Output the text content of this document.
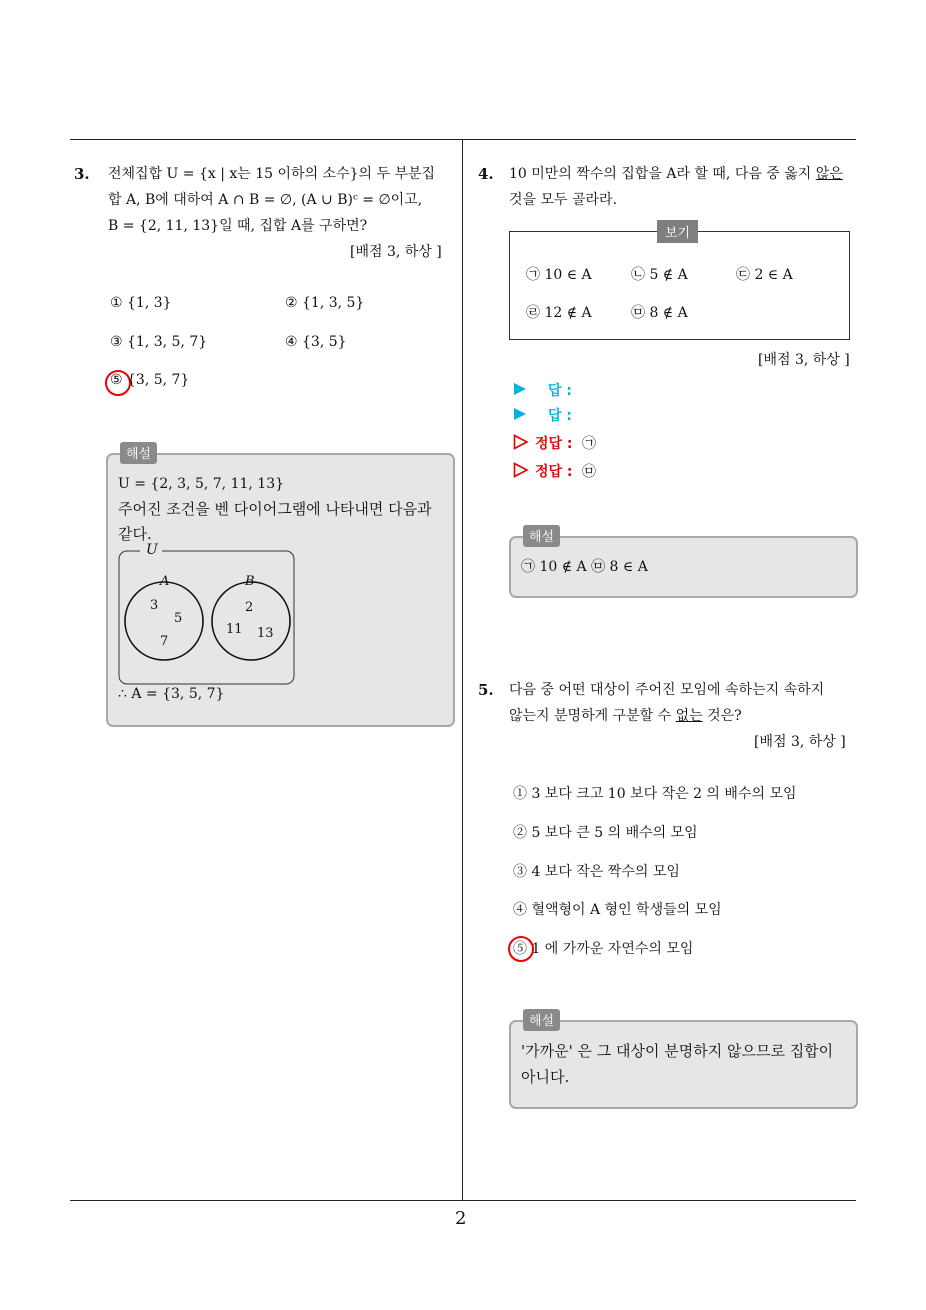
2
3. 전체집합 U = {x | x는 15 이하의 소수}의 두 부분집
합 A, B에 대하여 A ∩ B = ∅, (A ∪ B)ᶜ = ∅이고,
B = {2, 11, 13}일 때, 집합 A를 구하면?
[배점 3, 하상 ]
① {1, 3}	② {1, 3, 5}
③ {1, 3, 5, 7}	④ {3, 5}
⑤ {3, 5, 7}
해설
U = {2, 3, 5, 7, 11, 13}
주어진 조건을 벤 다이어그램에 나타내면 다음과
같다.
U
A	B
3
5
7
2
11 13
∴ A = {3, 5, 7}
4. 10 미만의 짝수의 집합을 A라 할 때, 다음 중 옳지 않은
것을 모두 골라라.
보기
㉠ 10 ∈ A	㉡ 5 ∉ A	㉢ 2 ∈ A
㉣ 12 ∉ A	㉤ 8 ∉ A
[배점 3, 하상 ]
답 :
답 :
정답 : ㉠
정답 : ㉤
해설
㉠ 10 ∉ A ㉤ 8 ∈ A
5. 다음 중 어떤 대상이 주어진 모임에 속하는지 속하지
않는지 분명하게 구분할 수 없는 것은?
[배점 3, 하상 ]
① 3 보다 크고 10 보다 작은 2 의 배수의 모임
② 5 보다 큰 5 의 배수의 모임
③ 4 보다 작은 짝수의 모임
④ 혈액형이 A 형인 학생들의 모임
⑤ 1 에 가까운 자연수의 모임
해설
'가까운' 은 그 대상이 분명하지 않으므로 집합이
아니다.
